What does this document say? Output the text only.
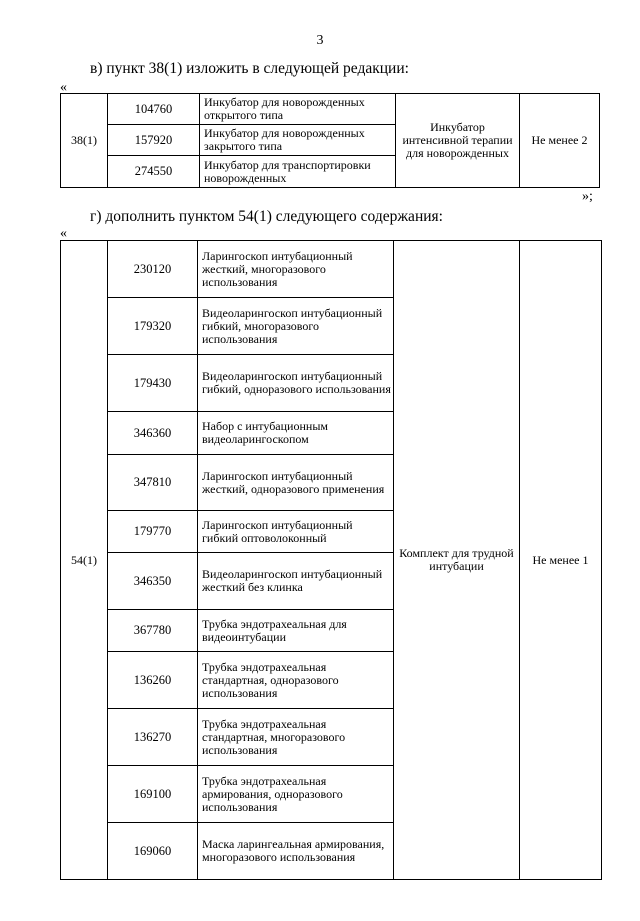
3
в) пункт 38(1) изложить в следующей редакции:
«
38(1)	104760	Инкубатор для новорожденных открытого типа	Инкубатор интенсивной терапии для новорожденных	Не менее 2
	157920	Инкубатор для новорожденных закрытого типа		
	274550	Инкубатор для транспортировки новорожденных		
»;
г) дополнить пунктом 54(1) следующего содержания:
«
54(1)	230120	Ларингоскоп интубационный жесткий, многоразового использования	Комплект для трудной интубации	Не менее 1
	179320	Видеоларингоскоп интубационный гибкий, многоразового использования		
	179430	Видеоларингоскоп интубационный гибкий, одноразового использования		
	346360	Набор с интубационным видеоларингоскопом		
	347810	Ларингоскоп интубационный жесткий, одноразового применения		
	179770	Ларингоскоп интубационный гибкий оптоволоконный		
	346350	Видеоларингоскоп интубационный жесткий без клинка		
	367780	Трубка эндотрахеальная для видеоинтубации		
	136260	Трубка эндотрахеальная стандартная, одноразового использования		
	136270	Трубка эндотрахеальная стандартная, многоразового использования		
	169100	Трубка эндотрахеальная армирования, одноразового использования		
	169060	Маска ларингеальная армирования, многоразового использования		
